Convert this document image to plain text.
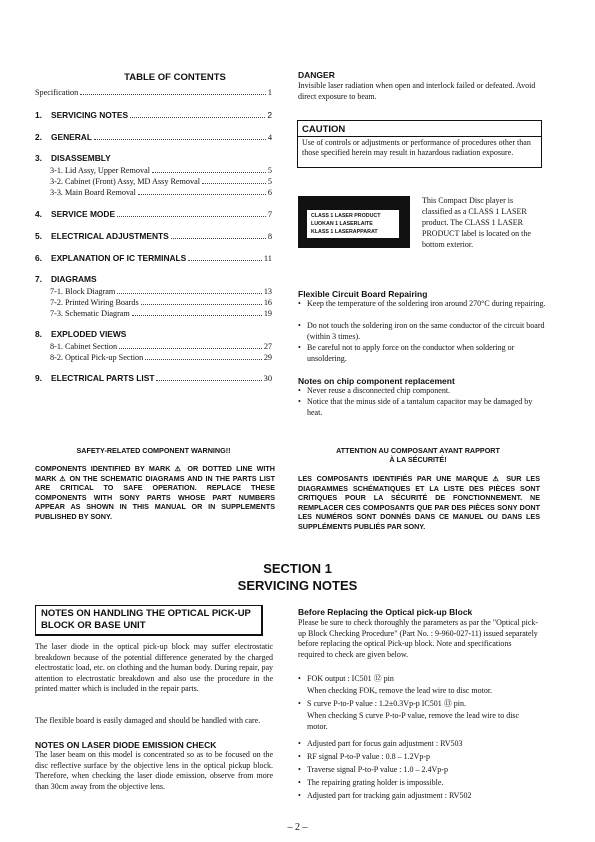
TABLE OF CONTENTS
Specification	1
1. SERVICING NOTES	2
2. GENERAL	4
3. DISASSEMBLY
3-1. Lid Assy, Upper Removal	5
3-2. Cabinet (Front) Assy, MD Assy Removal	5
3-3. Main Board Removal	6
4. SERVICE MODE	7
5. ELECTRICAL ADJUSTMENTS	8
6. EXPLANATION OF IC TERMINALS	11
7. DIAGRAMS
7-1. Block Diagram	13
7-2. Printed Wiring Boards	16
7-3. Schematic Diagram	19
8. EXPLODED VIEWS
8-1. Cabinet Section	27
8-2. Optical Pick-up Section	29
9. ELECTRICAL PARTS LIST	30
DANGER
Invisible laser radiation when open and interlock failed or defeated. Avoid direct exposure to beam.
CAUTION
Use of controls or adjustments or performance of procedures other than those specified herein may result in hazardous radiation exposure.
CLASS 1 LASER PRODUCT
LUOKAN 1 LASERLAITE
KLASS 1 LASERAPPARAT
This Compact Disc player is classified as a CLASS 1 LASER product. The CLASS 1 LASER PRODUCT label is located on the bottom exterior.
Flexible Circuit Board Repairing
• Keep the temperature of the soldering iron around 270°C during repairing.
• Do not touch the soldering iron on the same conductor of the circuit board (within 3 times).
• Be careful not to apply force on the conductor when soldering or unsoldering.
Notes on chip component replacement
• Never reuse a disconnected chip component.
• Notice that the minus side of a tantalum capacitor may be damaged by heat.
SAFETY-RELATED COMPONENT WARNING!!
COMPONENTS IDENTIFIED BY MARK ⚠ OR DOTTED LINE WITH MARK ⚠ ON THE SCHEMATIC DIAGRAMS AND IN THE PARTS LIST ARE CRITICAL TO SAFE OPERATION. REPLACE THESE COMPONENTS WITH SONY PARTS WHOSE PART NUMBERS APPEAR AS SHOWN IN THIS MANUAL OR IN SUPPLEMENTS PUBLISHED BY SONY.
ATTENTION AU COMPOSANT AYANT RAPPORT
À LA SÉCURITÉ!
LES COMPOSANTS IDENTIFIÉS PAR UNE MARQUE ⚠ SUR LES DIAGRAMMES SCHÉMATIQUES ET LA LISTE DES PIÈCES SONT CRITIQUES POUR LA SÉCURITÉ DE FONCTIONNEMENT. NE REMPLACER CES COMPOSANTS QUE PAR DES PIÈCES SONY DONT LES NUMÉROS SONT DONNÉS DANS CE MANUEL OU DANS LES SUPPLÉMENTS PUBLIÉS PAR SONY.
SECTION 1
SERVICING NOTES
NOTES ON HANDLING THE OPTICAL PICK-UP BLOCK OR BASE UNIT
The laser diode in the optical pick-up block may suffer electrostatic breakdown because of the potential difference generated by the charged electrostatic load, etc. on clothing and the human body. During repair, pay attention to electrostatic breakdown and also use the procedure in the printed matter which is included in the repair parts.
The flexible board is easily damaged and should be handled with care.
NOTES ON LASER DIODE EMISSION CHECK
The laser beam on this model is concentrated so as to be focused on the disc reflective surface by the objective lens in the optical pickup block. Therefore, when checking the laser diode emission, observe from more than 30cm away from the objective lens.
Before Replacing the Optical pick-up Block
Please be sure to check thoroughly the parameters as par the "Optical pick-up Block Checking Procedure" (Part No. : 9-960-027-11) issued separately before replacing the optical Pick-up block. Note and specifications required to check are given below.
• FOK output : IC501 ⑫ pin
When checking FOK, remove the lead wire to disc motor.
• S curve P-to-P value : 1.2±0.3Vp-p IC501 ⑬ pin.
When checking S curve P-to-P value, remove the lead wire to disc motor.
• Adjusted part for focus gain adjustment : RV503
• RF signal P-to-P value : 0.8 – 1.2Vp-p
• Traverse signal P-to-P value : 1.0 – 2.4Vp-p
• The repairing grating holder is impossible.
• Adjusted part for tracking gain adjustment : RV502
– 2 –
